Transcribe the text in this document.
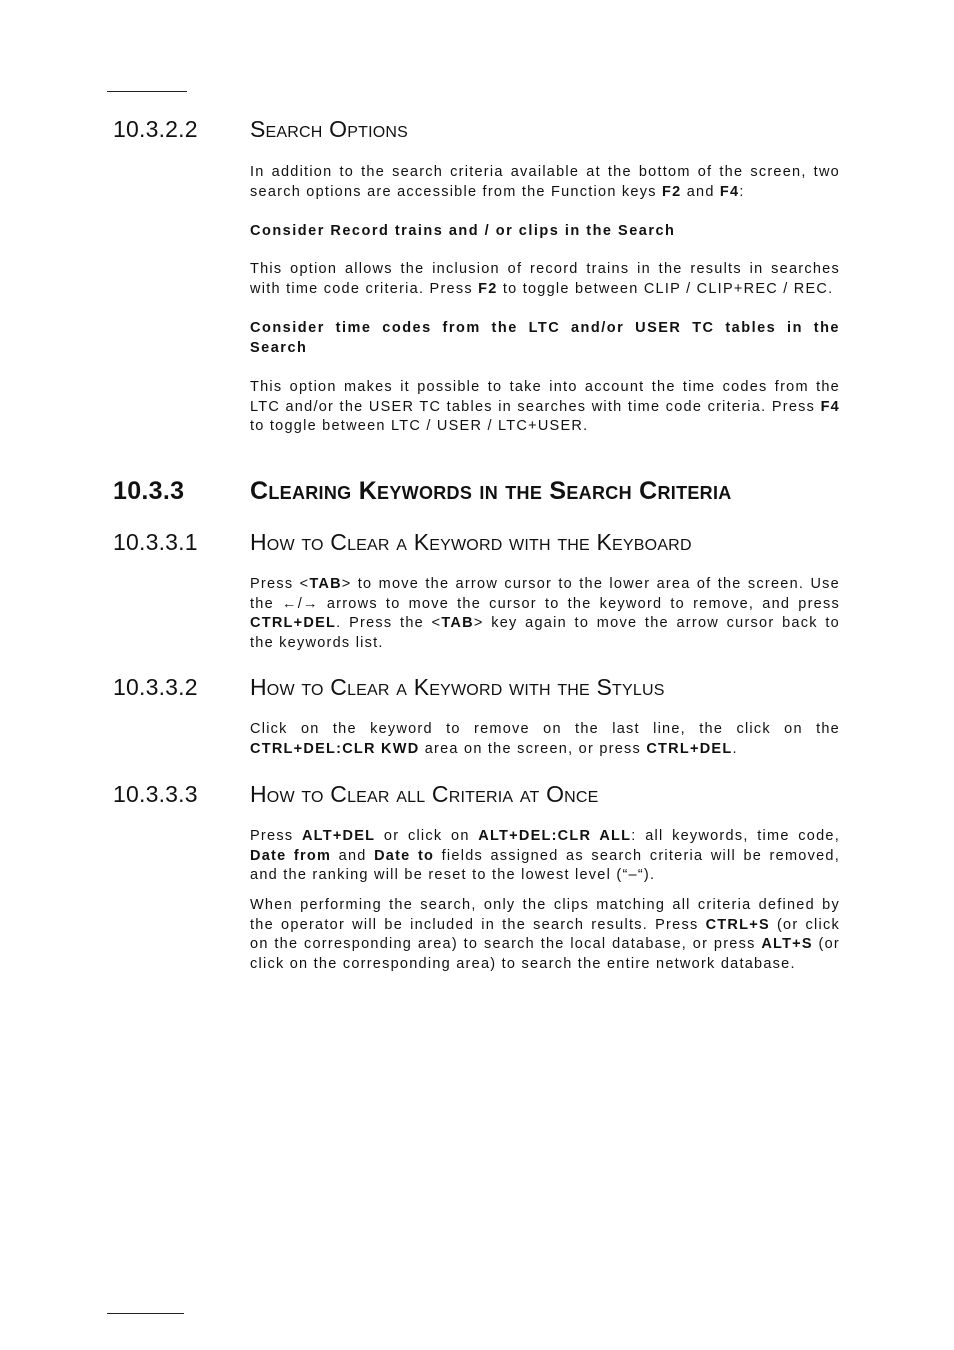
10.3.2.2 Search Options
In addition to the search criteria available at the bottom of the screen, two search options are accessible from the Function keys F2 and F4:
Consider Record trains and / or clips in the Search
This option allows the inclusion of record trains in the results in searches with time code criteria. Press F2 to toggle between CLIP / CLIP+REC / REC.
Consider time codes from the LTC and/or USER TC tables in the Search
This option makes it possible to take into account the time codes from the LTC and/or the USER TC tables in searches with time code criteria. Press F4 to toggle between LTC / USER / LTC+USER.
10.3.3	Clearing Keywords in the Search Criteria
10.3.3.1 How to Clear a Keyword with the Keyboard
Press <TAB> to move the arrow cursor to the lower area of the screen. Use the ←/→ arrows to move the cursor to the keyword to remove, and press CTRL+DEL. Press the <TAB> key again to move the arrow cursor back to the keywords list.
10.3.3.2 How to Clear a Keyword with the Stylus
Click on the keyword to remove on the last line, the click on the CTRL+DEL:CLR KWD area on the screen, or press CTRL+DEL.
10.3.3.3 How to Clear all Criteria at Once
Press ALT+DEL or click on ALT+DEL:CLR ALL: all keywords, time code, Date from and Date to fields assigned as search criteria will be removed, and the ranking will be reset to the lowest level (“–“).
When performing the search, only the clips matching all criteria defined by the operator will be included in the search results. Press CTRL+S (or click on the corresponding area) to search the local database, or press ALT+S (or click on the corresponding area) to search the entire network database.
